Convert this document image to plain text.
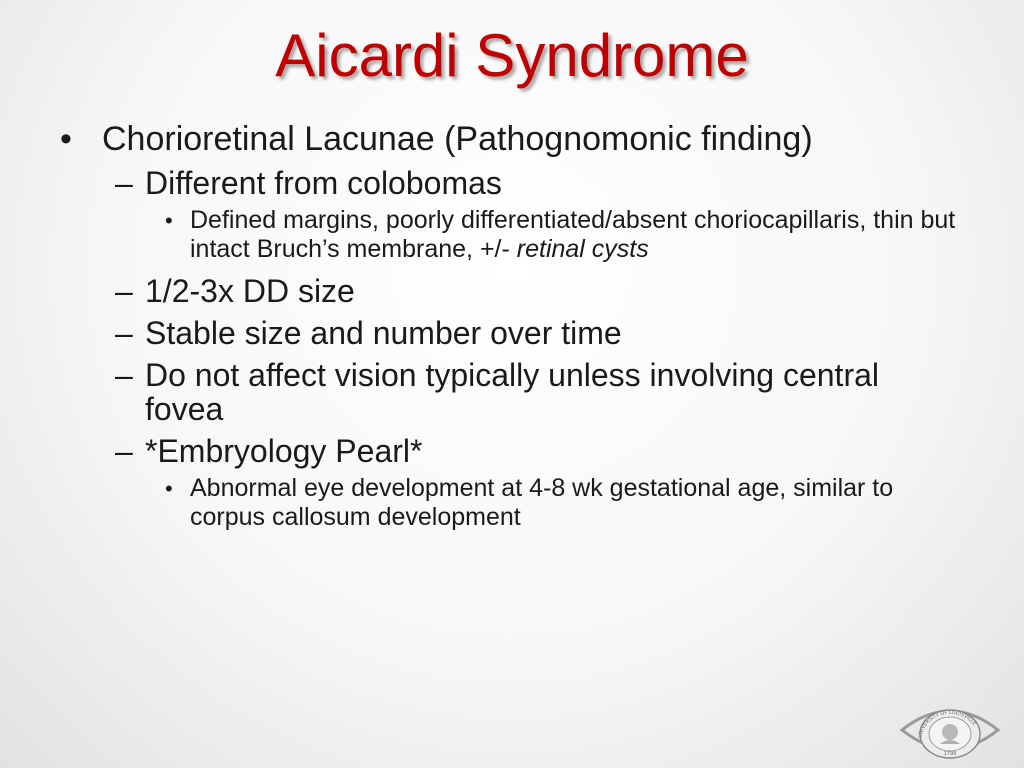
Aicardi Syndrome
• Chorioretinal Lacunae (Pathognomonic finding)
– Different from colobomas
• Defined margins, poorly differentiated/absent choriocapillaris, thin but intact Bruch’s membrane, +/- retinal cysts
– 1/2-3x DD size
– Stable size and number over time
– Do not affect vision typically unless involving central fovea
– *Embryology Pearl*
• Abnormal eye development at 4-8 wk gestational age, similar to corpus callosum development
UNIVERSITY OF LOUISVILLE
1798
